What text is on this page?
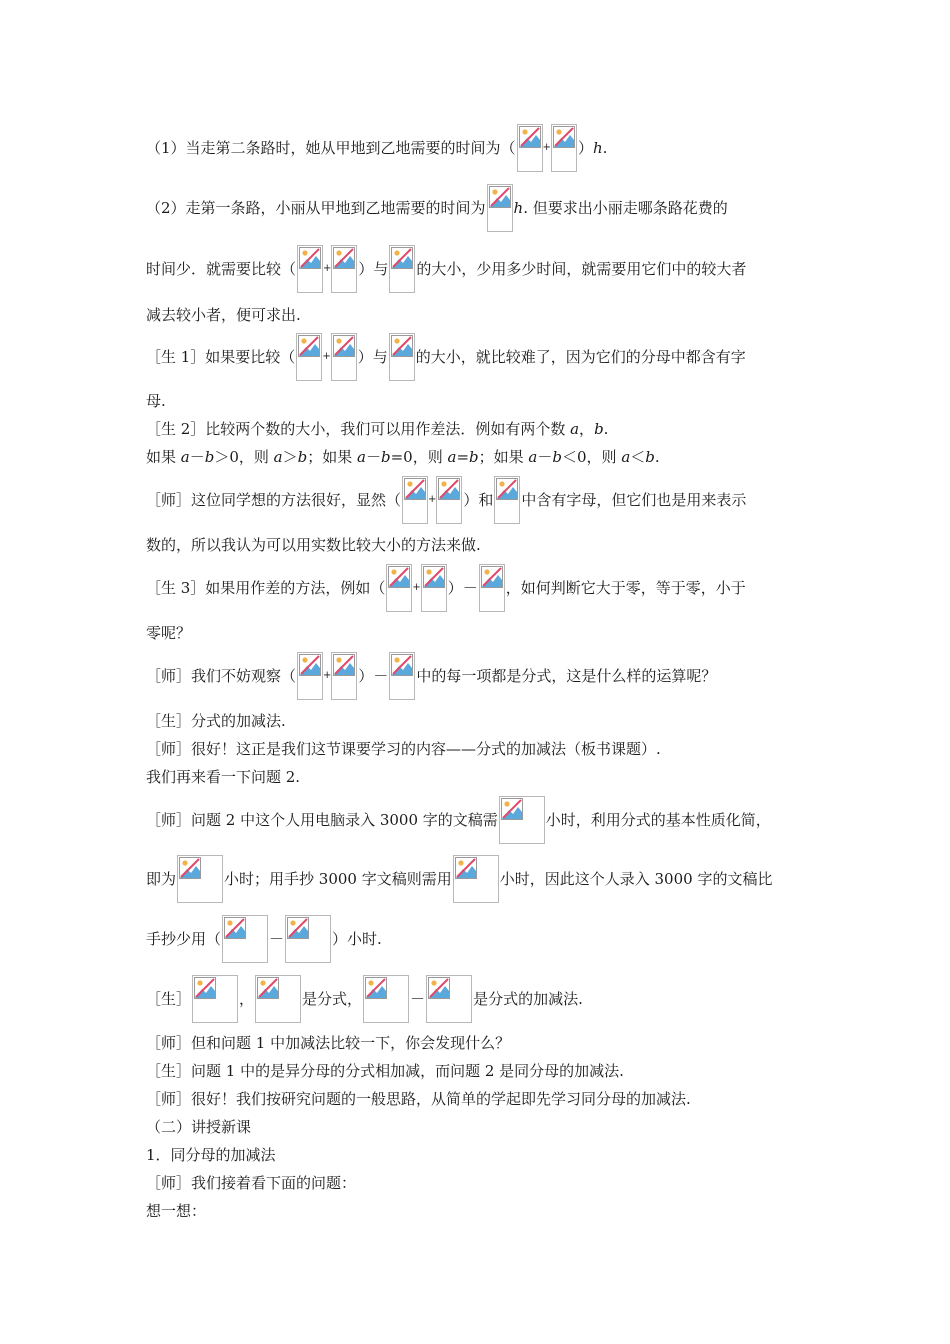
（1）当走第二条路时，她从甲地到乙地需要的时间为（	+ ）h.
（2）走第一条路，小丽从甲地到乙地需要的时间为 h. 但要求出小丽走哪条路花费的
时间少．就需要比较（	+ ）与 的大小，少用多少时间，就需要用它们中的较大者
减去较小者，便可求出.
［生 1］如果要比较（	+ ）与 的大小，就比较难了，因为它们的分母中都含有字
母.
［生 2］比较两个数的大小，我们可以用作差法．例如有两个数 a，b.
如果 a－b＞0，则 a＞b；如果 a－b=0，则 a=b；如果 a－b＜0，则 a＜b.
［师］这位同学想的方法很好，显然（	+ ）和 中含有字母，但它们也是用来表示
数的，所以我认为可以用实数比较大小的方法来做.
［生 3］如果用作差的方法，例如（	+ ）－ ，如何判断它大于零，等于零，小于
零呢？
［师］我们不妨观察（	+ ）－ 中的每一项都是分式，这是什么样的运算呢？
［生］分式的加减法.
［师］很好！这正是我们这节课要学习的内容——分式的加减法（板书课题）.
我们再来看一下问题 2.
［师］问题 2 中这个人用电脑录入 3000 字的文稿需	小时，利用分式的基本性质化简，
即为	小时；用手抄 3000 字文稿则需用	小时，因此这个人录入 3000 字的文稿比
手抄少用（	－	）小时.
［生］	，	是分式，	－	是分式的加减法.
［师］但和问题 1 中加减法比较一下，你会发现什么？
［生］问题 1 中的是异分母的分式相加减，而问题 2 是同分母的加减法.
［师］很好！我们按研究问题的一般思路，从简单的学起即先学习同分母的加减法.
（二）讲授新课
1．同分母的加减法
［师］我们接着看下面的问题：
想一想：
